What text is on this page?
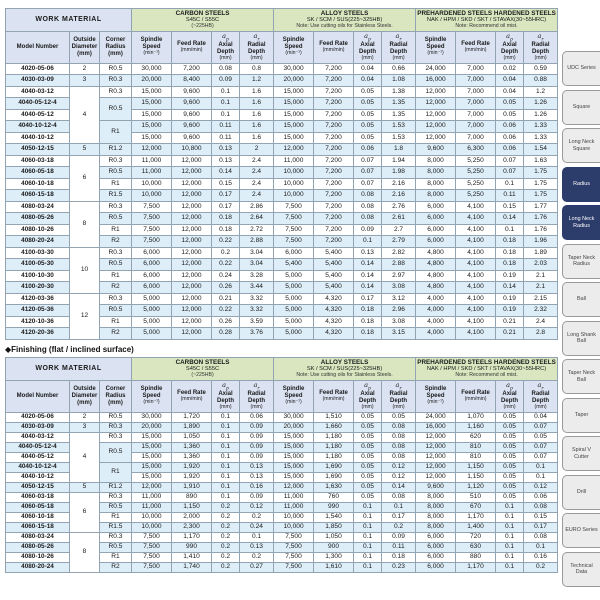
WORK MATERIAL	
CARBON STEELS
S45C / S55C
(~225HB)

ALLOY STEELS
SK / SCM / SUS(225~325HB)
Note: Use cutting oils for Stainless Steels.

PREHARDENED STEELS HARDENED STEELS
NAK / HPM / SKD / SKT / STAVAX(30~55HRC)
Note: Recommend oil mist.

Model Number	Outside Diameter (mm)	Corner Radius (mm)	
Spindle Speed
(min⁻¹)

Feed Rate
(mm/min)

$a_p$
Axial Depth
(mm)

$a_r$
Radial Depth
(mm)

Spindle Speed
(min⁻¹)

Feed Rate
(mm/min)

$a_p$
Axial Depth
(mm)

$a_r$
Radial Depth
(mm)

Spindle Speed
(min⁻¹)

Feed Rate
(mm/min)

$a_p$
Axial Depth
(mm)

$a_r$
Radial Depth
(mm)

4020-05-06	2	R0.5	30,000	7,200	0.08	0.8	30,000	7,200	0.04	0.66	24,000	7,000	0.02	0.59
4030-03-09	3	R0.3	20,000	8,400	0.09	1.2	20,000	7,200	0.04	1.08	16,000	7,000	0.04	0.88
4040-03-12	4	R0.3	15,000	9,600	0.1	1.6	15,000	7,200	0.05	1.38	12,000	7,000	0.04	1.2
4040-05-12-4		R0.5	15,000	9,600	0.1	1.6	15,000	7,200	0.05	1.35	12,000	7,000	0.05	1.26
4040-05-12			15,000	9,600	0.1	1.6	15,000	7,200	0.05	1.35	12,000	7,000	0.05	1.26
4040-10-12-4		R1	15,000	9,600	0.11	1.6	15,000	7,200	0.05	1.53	12,000	7,000	0.06	1.33
4040-10-12			15,000	9,600	0.11	1.6	15,000	7,200	0.05	1.53	12,000	7,000	0.06	1.33
4050-12-15	5	R1.2	12,000	10,800	0.13	2	12,000	7,200	0.06	1.8	9,600	6,300	0.06	1.54
4060-03-18	6	R0.3	11,000	12,000	0.13	2.4	11,000	7,200	0.07	1.94	8,000	5,250	0.07	1.63
4060-05-18		R0.5	11,000	12,000	0.14	2.4	10,000	7,200	0.07	1.98	8,000	5,250	0.07	1.75
4060-10-18		R1	10,000	12,000	0.15	2.4	10,000	7,200	0.07	2.16	8,000	5,250	0.1	1.75
4060-15-18		R1.5	10,000	12,000	0.17	2.4	10,000	7,200	0.08	2.16	8,000	5,250	0.11	1.75
4080-03-24	8	R0.3	7,500	12,000	0.17	2.86	7,500	7,200	0.08	2.76	6,000	4,100	0.15	1.77
4080-05-26		R0.5	7,500	12,000	0.18	2.64	7,500	7,200	0.08	2.61	6,000	4,100	0.14	1.76
4080-10-26		R1	7,500	12,000	0.18	2.72	7,500	7,200	0.09	2.7	6,000	4,100	0.1	1.76
4080-20-24		R2	7,500	12,000	0.22	2.88	7,500	7,200	0.1	2.79	6,000	4,100	0.18	1.96
4100-03-30	10	R0.3	6,000	12,000	0.2	3.04	6,000	5,400	0.13	2.82	4,800	4,100	0.18	1.89
4100-05-30		R0.5	6,000	12,000	0.22	3.04	5,400	5,400	0.14	2.88	4,800	4,100	0.18	2.03
4100-10-30		R1	6,000	12,000	0.24	3.28	5,000	5,400	0.14	2.97	4,800	4,100	0.19	2.1
4100-20-30		R2	6,000	12,000	0.26	3.44	5,000	5,400	0.14	3.08	4,800	4,100	0.14	2.1
4120-03-36	12	R0.3	5,000	12,000	0.21	3.32	5,000	4,320	0.17	3.12	4,000	4,100	0.19	2.15
4120-05-36		R0.5	5,000	12,000	0.22	3.32	5,000	4,320	0.18	2.96	4,000	4,100	0.19	2.32
4120-10-36		R1	5,000	12,000	0.26	3.59	5,000	4,320	0.18	3.08	4,000	4,100	0.21	2.4
4120-20-36		R2	5,000	12,000	0.28	3.76	5,000	4,320	0.18	3.15	4,000	4,100	0.21	2.8
◆Finishing (flat / inclined surface)
WORK MATERIAL	
CARBON STEELS
S45C / S55C
(~225HB)

ALLOY STEELS
SK / SCM / SUS(225~325HB)
Note: Use cutting oils for Stainless Steels.

PREHARDENED STEELS HARDENED STEELS
NAK / HPM / SKD / SKT / STAVAX(30~55HRC)
Note: Recommend oil mist.

Model Number	Outside Diameter (mm)	Corner Radius (mm)	
Spindle Speed
(min⁻¹)

Feed Rate
(mm/min)

$a_p$
Axial Depth
(mm)

$a_r$
Radial Depth
(mm)

Spindle Speed
(min⁻¹)

Feed Rate
(mm/min)

$a_p$
Axial Depth
(mm)

$a_r$
Radial Depth
(mm)

Spindle Speed
(min⁻¹)

Feed Rate
(mm/min)

$a_p$
Axial Depth
(mm)

$a_r$
Radial Depth
(mm)

4020-05-06	2	R0.5	30,000	1,720	0.1	0.06	30,000	1,510	0.05	0.05	24,000	1,070	0.05	0.04
4030-03-09	3	R0.3	20,000	1,890	0.1	0.09	20,000	1,660	0.05	0.08	16,000	1,160	0.05	0.07
4040-03-12	4	R0.3	15,000	1,050	0.1	0.09	15,000	1,180	0.05	0.08	12,000	620	0.05	0.05
4040-05-12-4		R0.5	15,000	1,360	0.1	0.09	15,000	1,180	0.05	0.08	12,000	810	0.05	0.07
4040-05-12			15,000	1,360	0.1	0.09	15,000	1,180	0.05	0.08	12,000	810	0.05	0.07
4040-10-12-4		R1	15,000	1,920	0.1	0.13	15,000	1,690	0.05	0.12	12,000	1,150	0.05	0.1
4040-10-12			15,000	1,920	0.1	0.13	15,000	1,690	0.05	0.12	12,000	1,150	0.05	0.1
4050-12-15	5	R1.2	12,000	1,910	0.1	0.16	12,000	1,630	0.05	0.14	9,600	1,120	0.05	0.12
4060-03-18	6	R0.3	11,000	890	0.1	0.09	11,000	760	0.05	0.08	8,000	510	0.05	0.06
4060-05-18		R0.5	11,000	1,150	0.2	0.12	11,000	990	0.1	0.1	8,000	670	0.1	0.08
4060-10-18		R1	10,000	2,000	0.2	0.2	10,000	1,540	0.1	0.17	8,000	1,170	0.1	0.15
4060-15-18		R1.5	10,000	2,300	0.2	0.24	10,000	1,850	0.1	0.2	8,000	1,400	0.1	0.17
4080-03-24	8	R0.3	7,500	1,170	0.2	0.1	7,500	1,050	0.1	0.09	6,000	720	0.1	0.08
4080-05-26		R0.5	7,500	990	0.2	0.13	7,500	900	0.1	0.11	6,000	630	0.1	0.1
4080-10-26		R1	7,500	1,410	0.2	0.2	7,500	1,300	0.1	0.18	6,000	880	0.1	0.16
4080-20-24		R2	7,500	1,740	0.2	0.27	7,500	1,610	0.1	0.23	6,000	1,170	0.1	0.2
UDC Series
Square
Long Neck Square
Radius
Long Neck Radius
Taper Neck Radius
Ball
Long Shank Ball
Taper Neck Ball
Taper
Spiral V Cutter
Drill
EURO Series
Technical Data
